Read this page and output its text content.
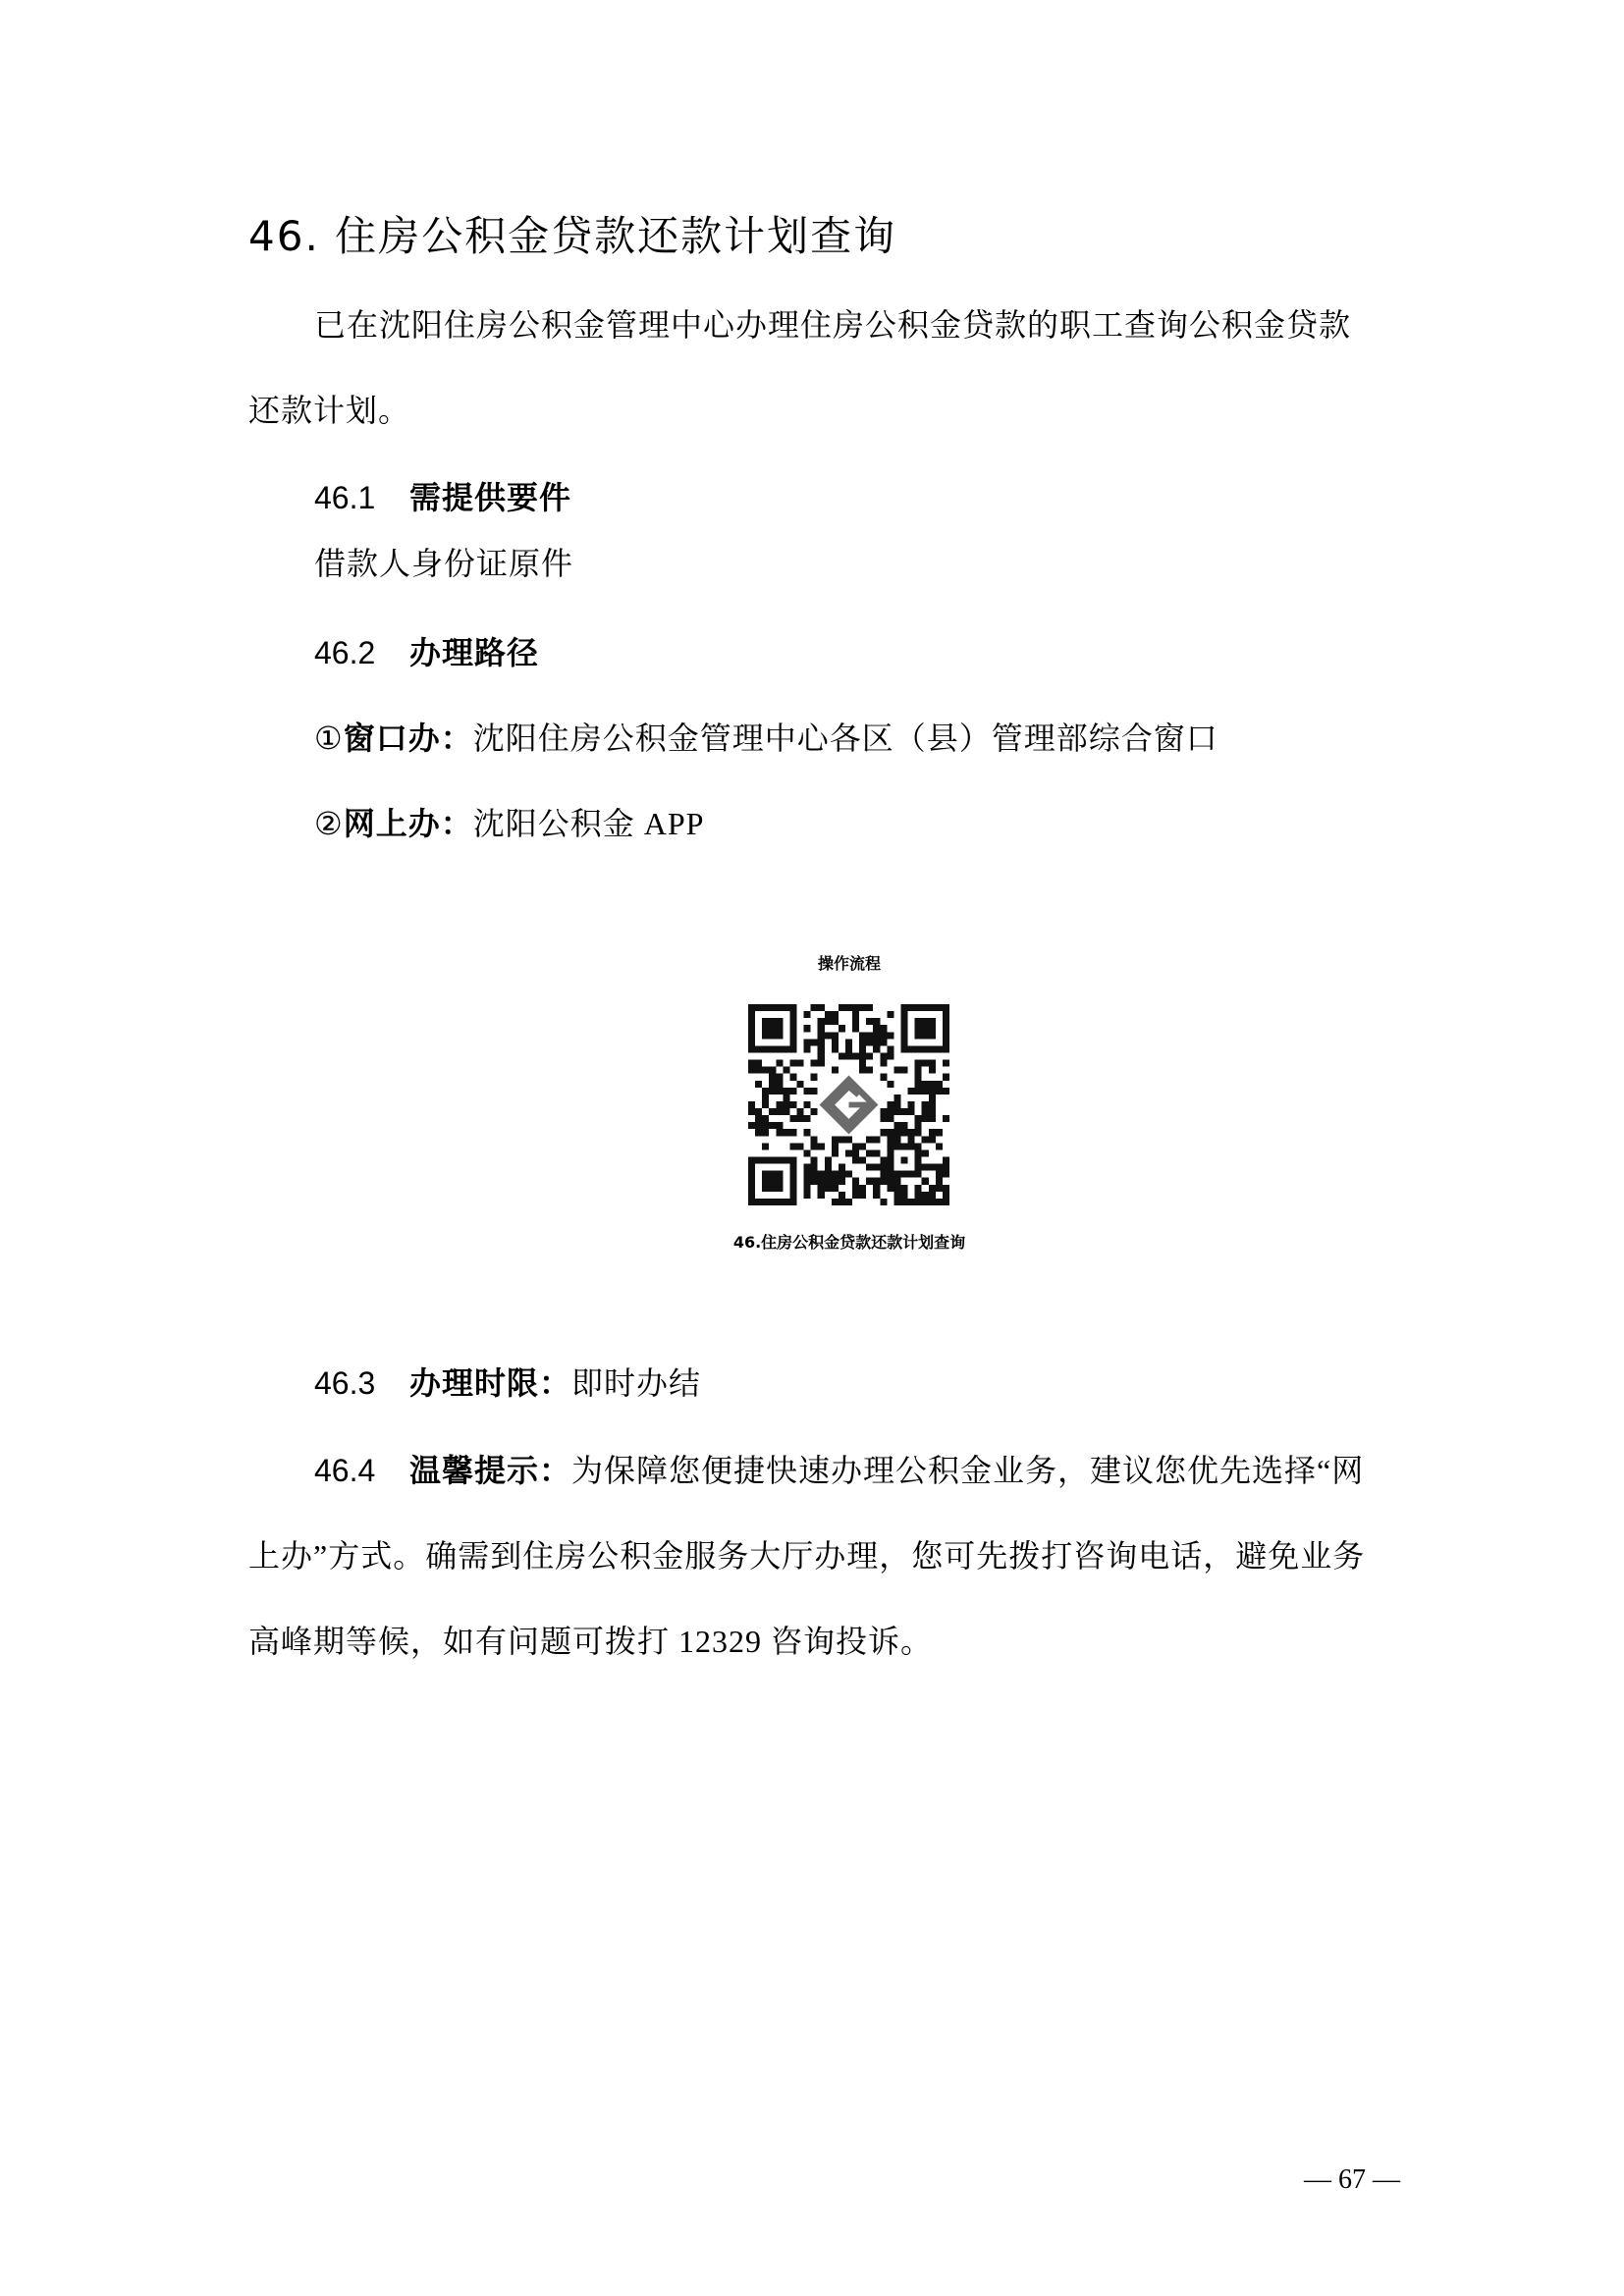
46. 住房公积金贷款还款计划查询
已在沈阳住房公积金管理中心办理住房公积金贷款的职工查询公积金贷款
还款计划。
46.1 需提供要件
借款人身份证原件
46.2 办理路径
①窗口办：沈阳住房公积金管理中心各区（县）管理部综合窗口
②网上办：沈阳公积金 APP
操作流程
46.住房公积金贷款还款计划查询
46.3 办理时限：即时办结
46.4 温馨提示：为保障您便捷快速办理公积金业务，建议您优先选择“网
上办”方式。确需到住房公积金服务大厅办理，您可先拨打咨询电话，避免业务
高峰期等候，如有问题可拨打 12329 咨询投诉。
— 67 —
